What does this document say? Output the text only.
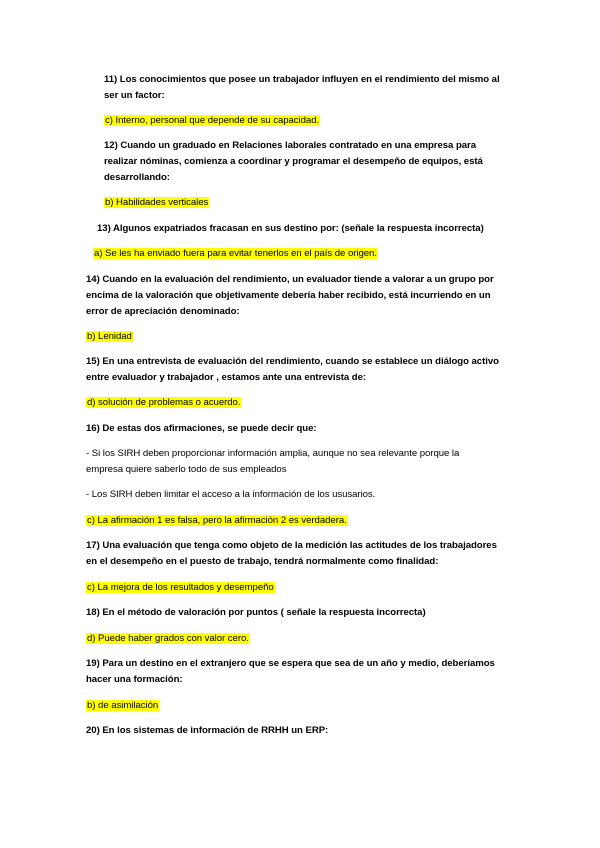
11) Los conocimientos que posee un trabajador influyen en el rendimiento del mismo al
ser un factor:
c) Interno, personal que depende de su capacidad.
12) Cuando un graduado en Relaciones laborales contratado en una empresa para
realizar nóminas, comienza a coordinar y programar el desempeño de equipos, está
desarrollando:
b) Habilidades verticales
13) Algunos expatriados fracasan en sus destino por: (señale la respuesta incorrecta)
a) Se les ha enviado fuera para evitar tenerlos en el país de origen.
14) Cuando en la evaluación del rendimiento, un evaluador tiende a valorar a un grupo por
encima de la valoración que objetivamente debería haber recibido, está incurriendo en un
error de apreciación denominado:
b) Lenidad
15) En una entrevista de evaluación del rendimiento, cuando se establece un diálogo activo
entre evaluador y trabajador , estamos ante una entrevista de:
d) solución de problemas o acuerdo.
16) De estas dos afirmaciones, se puede decir que:
- Si los SIRH deben proporcionar información amplia, aunque no sea relevante porque la
empresa quiere saberlo todo de sus empleados
- Los SIRH deben limitar el acceso a la información de los ususarios.
c) La afirmación 1 es falsa, pero la afirmación 2 es verdadera.
17) Una evaluación que tenga como objeto de la medición las actitudes de los trabajadores
en el desempeño en el puesto de trabajo, tendrá normalmente como finalidad:
c) La mejora de los resultados y desempeño
18) En el método de valoración por puntos ( señale la respuesta incorrecta)
d) Puede haber grados con valor cero.
19) Para un destino en el extranjero que se espera que sea de un año y medio, deberíamos
hacer una formación:
b) de asimilación
20) En los sistemas de información de RRHH un ERP:
